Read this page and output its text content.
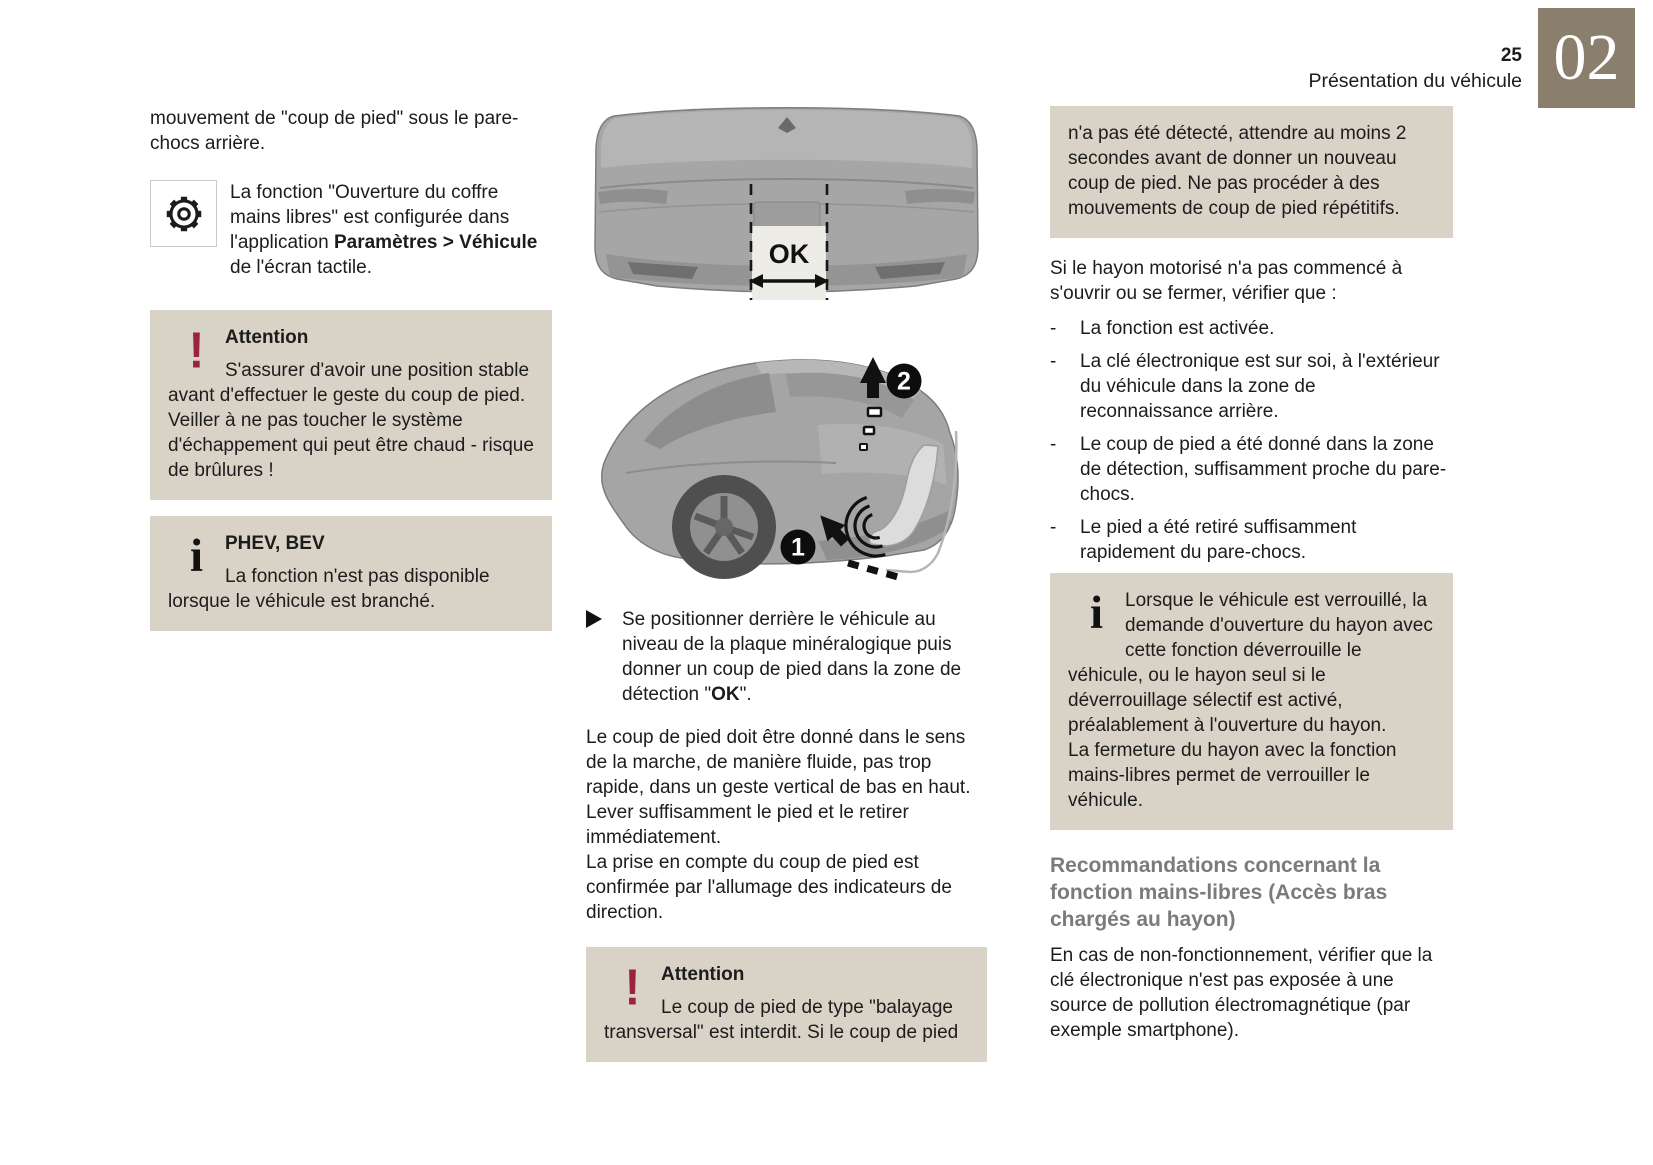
25
Présentation du véhicule 02

mouvement de "coup de pied" sous le pare-chocs arrière.

La fonction "Ouverture du coffre mains libres" est configurée dans l'application Paramètres > Véhicule de l'écran tactile.

!	Attention

S'assurer d'avoir une position stable avant d'effectuer le geste du coup de pied. Veiller à ne pas toucher le système d'échappement qui peut être chaud - risque de brûlures !

i	PHEV, BEV

La fonction n'est pas disponible lorsque le véhicule est branché.

OK
2
1

Se positionner derrière le véhicule au niveau de la plaque minéralogique puis donner un coup de pied dans la zone de détection "OK".

Le coup de pied doit être donné dans le sens de la marche, de manière fluide, pas trop rapide, dans un geste vertical de bas en haut. Lever suffisamment le pied et le retirer immédiatement.

La prise en compte du coup de pied est confirmée par l'allumage des indicateurs de direction.

!	Attention

Le coup de pied de type "balayage transversal" est interdit. Si le coup de pied

n'a pas été détecté, attendre au moins 2 secondes avant de donner un nouveau coup de pied. Ne pas procéder à des mouvements de coup de pied répétitifs.

Si le hayon motorisé n'a pas commencé à s'ouvrir ou se fermer, vérifier que :

-	La fonction est activée.
-	La clé électronique est sur soi, à l'extérieur du véhicule dans la zone de reconnaissance arrière.
-	Le coup de pied a été donné dans la zone de détection, suffisamment proche du pare-chocs.
-	Le pied a été retiré suffisamment rapidement du pare-chocs.
i	Lorsque le véhicule est verrouillé, la demande d'ouverture du hayon avec cette fonction déverrouille le véhicule, ou le hayon seul si le déverrouillage sélectif est activé, préalablement à l'ouverture du hayon.

La fermeture du hayon avec la fonction mains-libres permet de verrouiller le véhicule.

Recommandations concernant la fonction mains-libres (Accès bras chargés au hayon)

En cas de non-fonctionnement, vérifier que la clé électronique n'est pas exposée à une source de pollution électromagnétique (par exemple smartphone).
